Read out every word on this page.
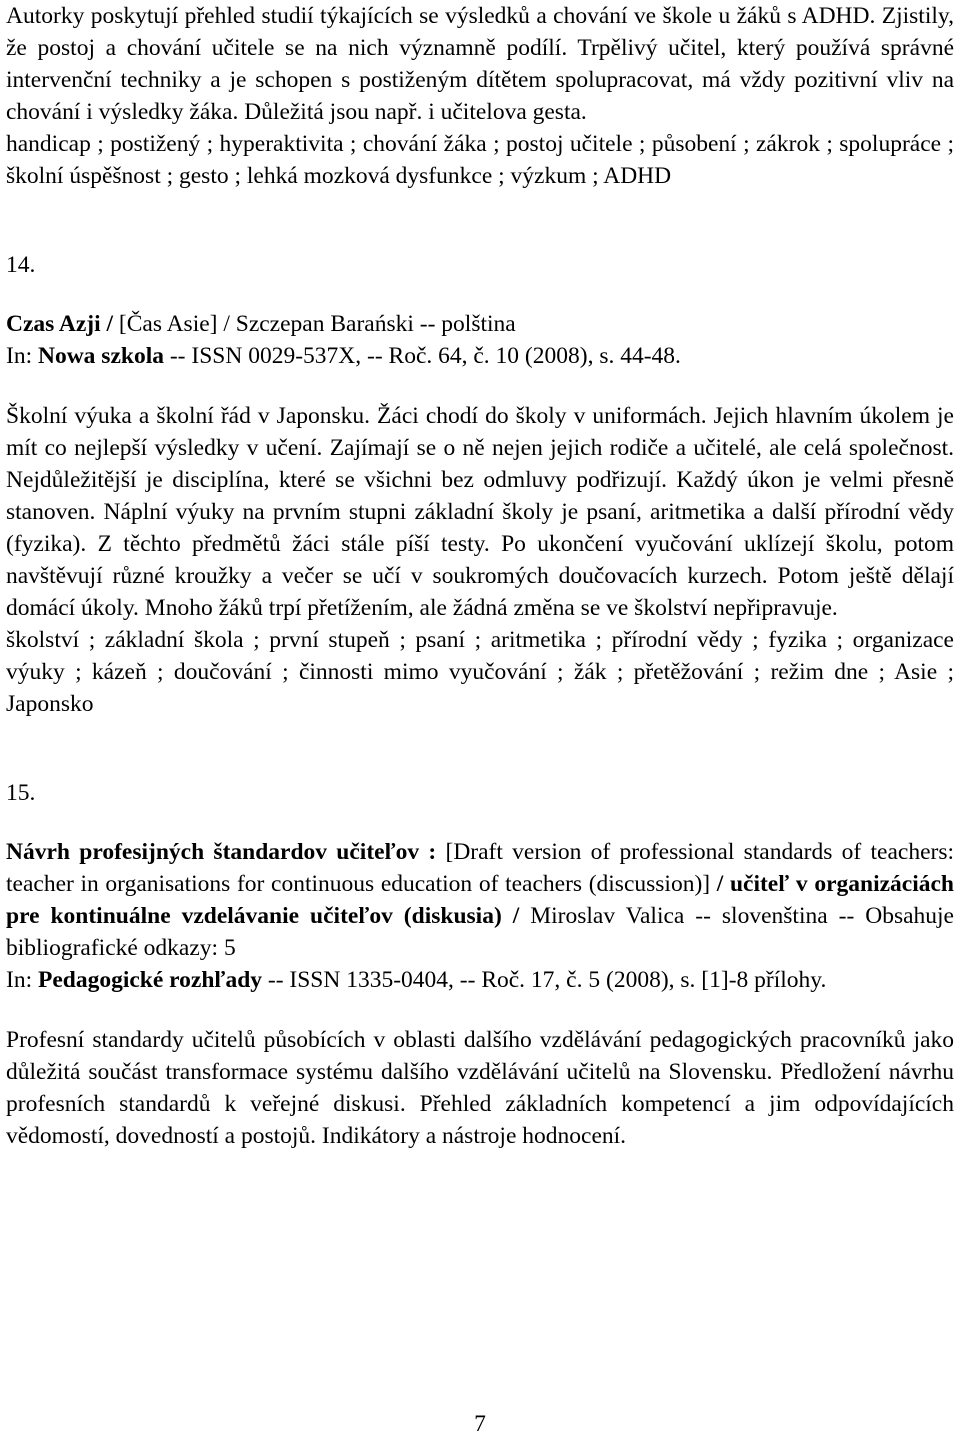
Autorky poskytují přehled studií týkajících se výsledků a chování ve škole u žáků s ADHD. Zjistily, že postoj a chování učitele se na nich významně podílí. Trpělivý učitel, který používá správné intervenční techniky a je schopen s postiženým dítětem spolupracovat, má vždy pozitivní vliv na chování i výsledky žáka. Důležitá jsou např. i učitelova gesta.

handicap ; postižený ; hyperaktivita ; chování žáka ; postoj učitele ; působení ; zákrok ; spolupráce ; školní úspěšnost ; gesto ; lehká mozková dysfunkce ; výzkum ; ADHD

14.

Czas Azji / [Čas Asie] / Szczepan Barański -- polština
In: Nowa szkola -- ISSN 0029-537X, -- Roč. 64, č. 10 (2008), s. 44-48.

Školní výuka a školní řád v Japonsku. Žáci chodí do školy v uniformách. Jejich hlavním úkolem je mít co nejlepší výsledky v učení. Zajímají se o ně nejen jejich rodiče a učitelé, ale celá společnost. Nejdůležitější je disciplína, které se všichni bez odmluvy podřizují. Každý úkon je velmi přesně stanoven. Náplní výuky na prvním stupni základní školy je psaní, aritmetika a další přírodní vědy (fyzika). Z těchto předmětů žáci stále píší testy. Po ukončení vyučování uklízejí školu, potom navštěvují různé kroužky a večer se učí v soukromých doučovacích kurzech. Potom ještě dělají domácí úkoly. Mnoho žáků trpí přetížením, ale žádná změna se ve školství nepřipravuje.

školství ; základní škola ; první stupeň ; psaní ; aritmetika ; přírodní vědy ; fyzika ; organizace výuky ; kázeň ; doučování ; činnosti mimo vyučování ; žák ; přetěžování ; režim dne ; Asie ; Japonsko

15.

Návrh profesijných štandardov učiteľov : [Draft version of professional standards of teachers: teacher in organisations for continuous education of teachers (discussion)] / učiteľ v organizáciách pre kontinuálne vzdelávanie učiteľov (diskusia) / Miroslav Valica -- slovenština -- Obsahuje bibliografické odkazy: 5
In: Pedagogické rozhľady -- ISSN 1335-0404, -- Roč. 17, č. 5 (2008), s. [1]-8 přílohy.

Profesní standardy učitelů působících v oblasti dalšího vzdělávání pedagogických pracovníků jako důležitá součást transformace systému dalšího vzdělávání učitelů na Slovensku. Předložení návrhu profesních standardů k veřejné diskusi. Přehled základních kompetencí a jim odpovídajících vědomostí, dovedností a postojů. Indikátory a nástroje hodnocení.

7
